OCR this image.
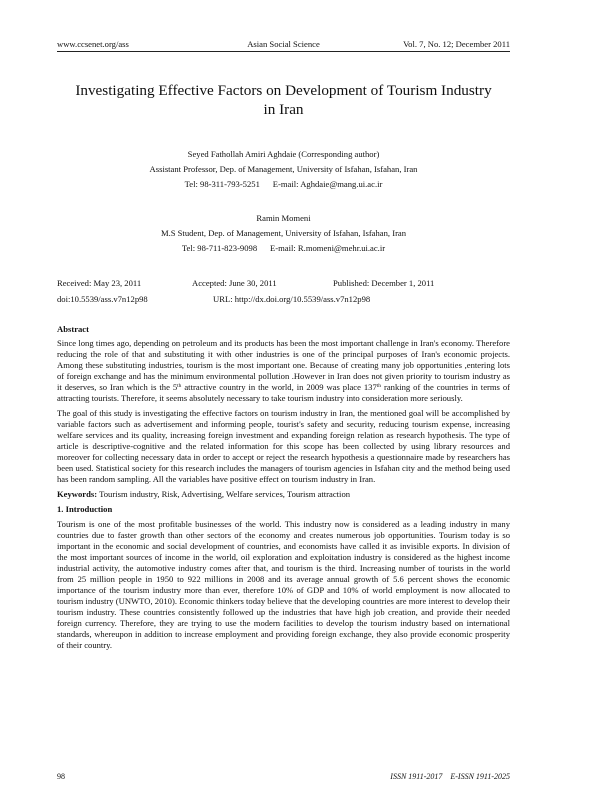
www.ccsenet.org/ass	Asian Social Science	Vol. 7, No. 12; December 2011
Investigating Effective Factors on Development of Tourism Industry
in Iran
Seyed Fathollah Amiri Aghdaie (Corresponding author)
Assistant Professor, Dep. of Management, University of Isfahan, Isfahan, Iran
Tel: 98-311-793-5251      E-mail: Aghdaie@mang.ui.ac.ir
Ramin Momeni
M.S Student, Dep. of Management, University of Isfahan, Isfahan, Iran
Tel: 98-711-823-9098      E-mail: R.momeni@mehr.ui.ac.ir
Received: May 23, 2011	Accepted: June 30, 2011	Published: December 1, 2011
doi:10.5539/ass.v7n12p98	URL: http://dx.doi.org/10.5539/ass.v7n12p98

Abstract

Since long times ago, depending on petroleum and its products has been the most important challenge in Iran's economy. Therefore reducing the role of that and substituting it with other industries is one of the principal purposes of Iran's economic projects. Among these substituting industries, tourism is the most important one. Because of creating many job opportunities ,entering lots of foreign exchange and has the minimum environmental pollution .However in Iran does not given priority to tourism industry as it deserves, so Iran which is the 5th attractive country in the world, in 2009 was place 137th ranking of the countries in terms of attracting tourists. Therefore, it seems absolutely necessary to take tourism industry into consideration more seriously.

The goal of this study is investigating the effective factors on tourism industry in Iran, the mentioned goal will be accomplished by variable factors such as advertisement and informing people, tourist's safety and security, reducing tourism expense, increasing welfare services and its quality, increasing foreign investment and expanding foreign relation as research hypothesis. The type of article is descriptive-cognitive and the related information for this scope has been collected by using library resources and moreover for collecting necessary data in order to accept or reject the research hypothesis a questionnaire made by researchers has been used. Statistical society for this research includes the managers of tourism agencies in Isfahan city and the method being used has been random sampling. All the variables have positive effect on tourism industry in Iran.

Keywords: Tourism industry, Risk, Advertising, Welfare services, Tourism attraction

1. Introduction

Tourism is one of the most profitable businesses of the world. This industry now is considered as a leading industry in many countries due to faster growth than other sectors of the economy and creates numerous job opportunities. Tourism today is so important in the economic and social development of countries, and economists have called it as invisible exports. In division of the most important sources of income in the world, oil exploration and exploitation industry is considered as the highest income industrial activity, the automotive industry comes after that, and tourism is the third. Increasing number of tourists in the world from 25 million people in 1950 to 922 millions in 2008 and its average annual growth of 5.6 percent shows the economic importance of the tourism industry more than ever, therefore 10% of GDP and 10% of world employment is now allocated to tourism industry (UNWTO, 2010). Economic thinkers today believe that the developing countries are more interest to develop their tourism industry. These countries consistently followed up the industries that have high job creation, and provide their needed foreign currency. Therefore, they are trying to use the modern facilities to develop the tourism industry based on international standards, whereupon in addition to increase employment and providing foreign exchange, they also provide economic prosperity of their country.

98	ISSN 1911-2017 E-ISSN 1911-2025
